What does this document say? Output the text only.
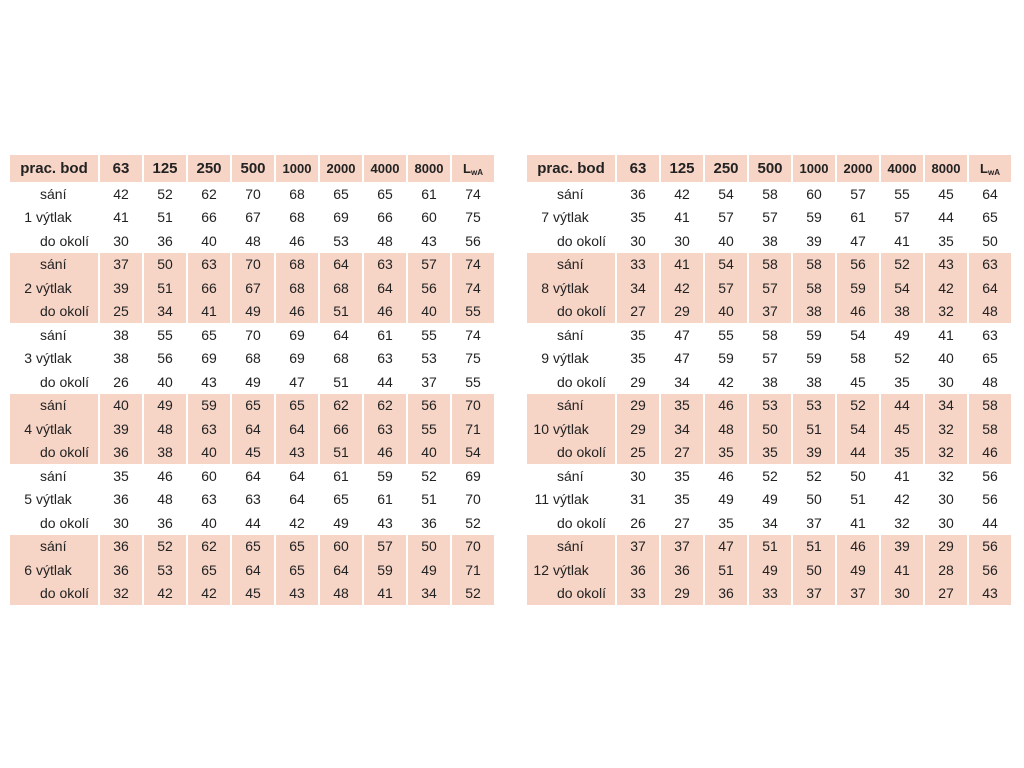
prac. bod	63	125	250	500	1000	2000	4000	8000	$L_{wA}$
sání	42	52	62	70	68	65	65	61	74
1 výtlak	41	51	66	67	68	69	66	60	75
do okolí	30	36	40	48	46	53	48	43	56
sání	37	50	63	70	68	64	63	57	74
2 výtlak	39	51	66	67	68	68	64	56	74
do okolí	25	34	41	49	46	51	46	40	55
sání	38	55	65	70	69	64	61	55	74
3 výtlak	38	56	69	68	69	68	63	53	75
do okolí	26	40	43	49	47	51	44	37	55
sání	40	49	59	65	65	62	62	56	70
4 výtlak	39	48	63	64	64	66	63	55	71
do okolí	36	38	40	45	43	51	46	40	54
sání	35	46	60	64	64	61	59	52	69
5 výtlak	36	48	63	63	64	65	61	51	70
do okolí	30	36	40	44	42	49	43	36	52
sání	36	52	62	65	65	60	57	50	70
6 výtlak	36	53	65	64	65	64	59	49	71
do okolí	32	42	42	45	43	48	41	34	52
prac. bod	63	125	250	500	1000	2000	4000	8000	$L_{wA}$
sání	36	42	54	58	60	57	55	45	64
7 výtlak	35	41	57	57	59	61	57	44	65
do okolí	30	30	40	38	39	47	41	35	50
sání	33	41	54	58	58	56	52	43	63
8 výtlak	34	42	57	57	58	59	54	42	64
do okolí	27	29	40	37	38	46	38	32	48
sání	35	47	55	58	59	54	49	41	63
9 výtlak	35	47	59	57	59	58	52	40	65
do okolí	29	34	42	38	38	45	35	30	48
sání	29	35	46	53	53	52	44	34	58
10 výtlak	29	34	48	50	51	54	45	32	58
do okolí	25	27	35	35	39	44	35	32	46
sání	30	35	46	52	52	50	41	32	56
11 výtlak	31	35	49	49	50	51	42	30	56
do okolí	26	27	35	34	37	41	32	30	44
sání	37	37	47	51	51	46	39	29	56
12 výtlak	36	36	51	49	50	49	41	28	56
do okolí	33	29	36	33	37	37	30	27	43
